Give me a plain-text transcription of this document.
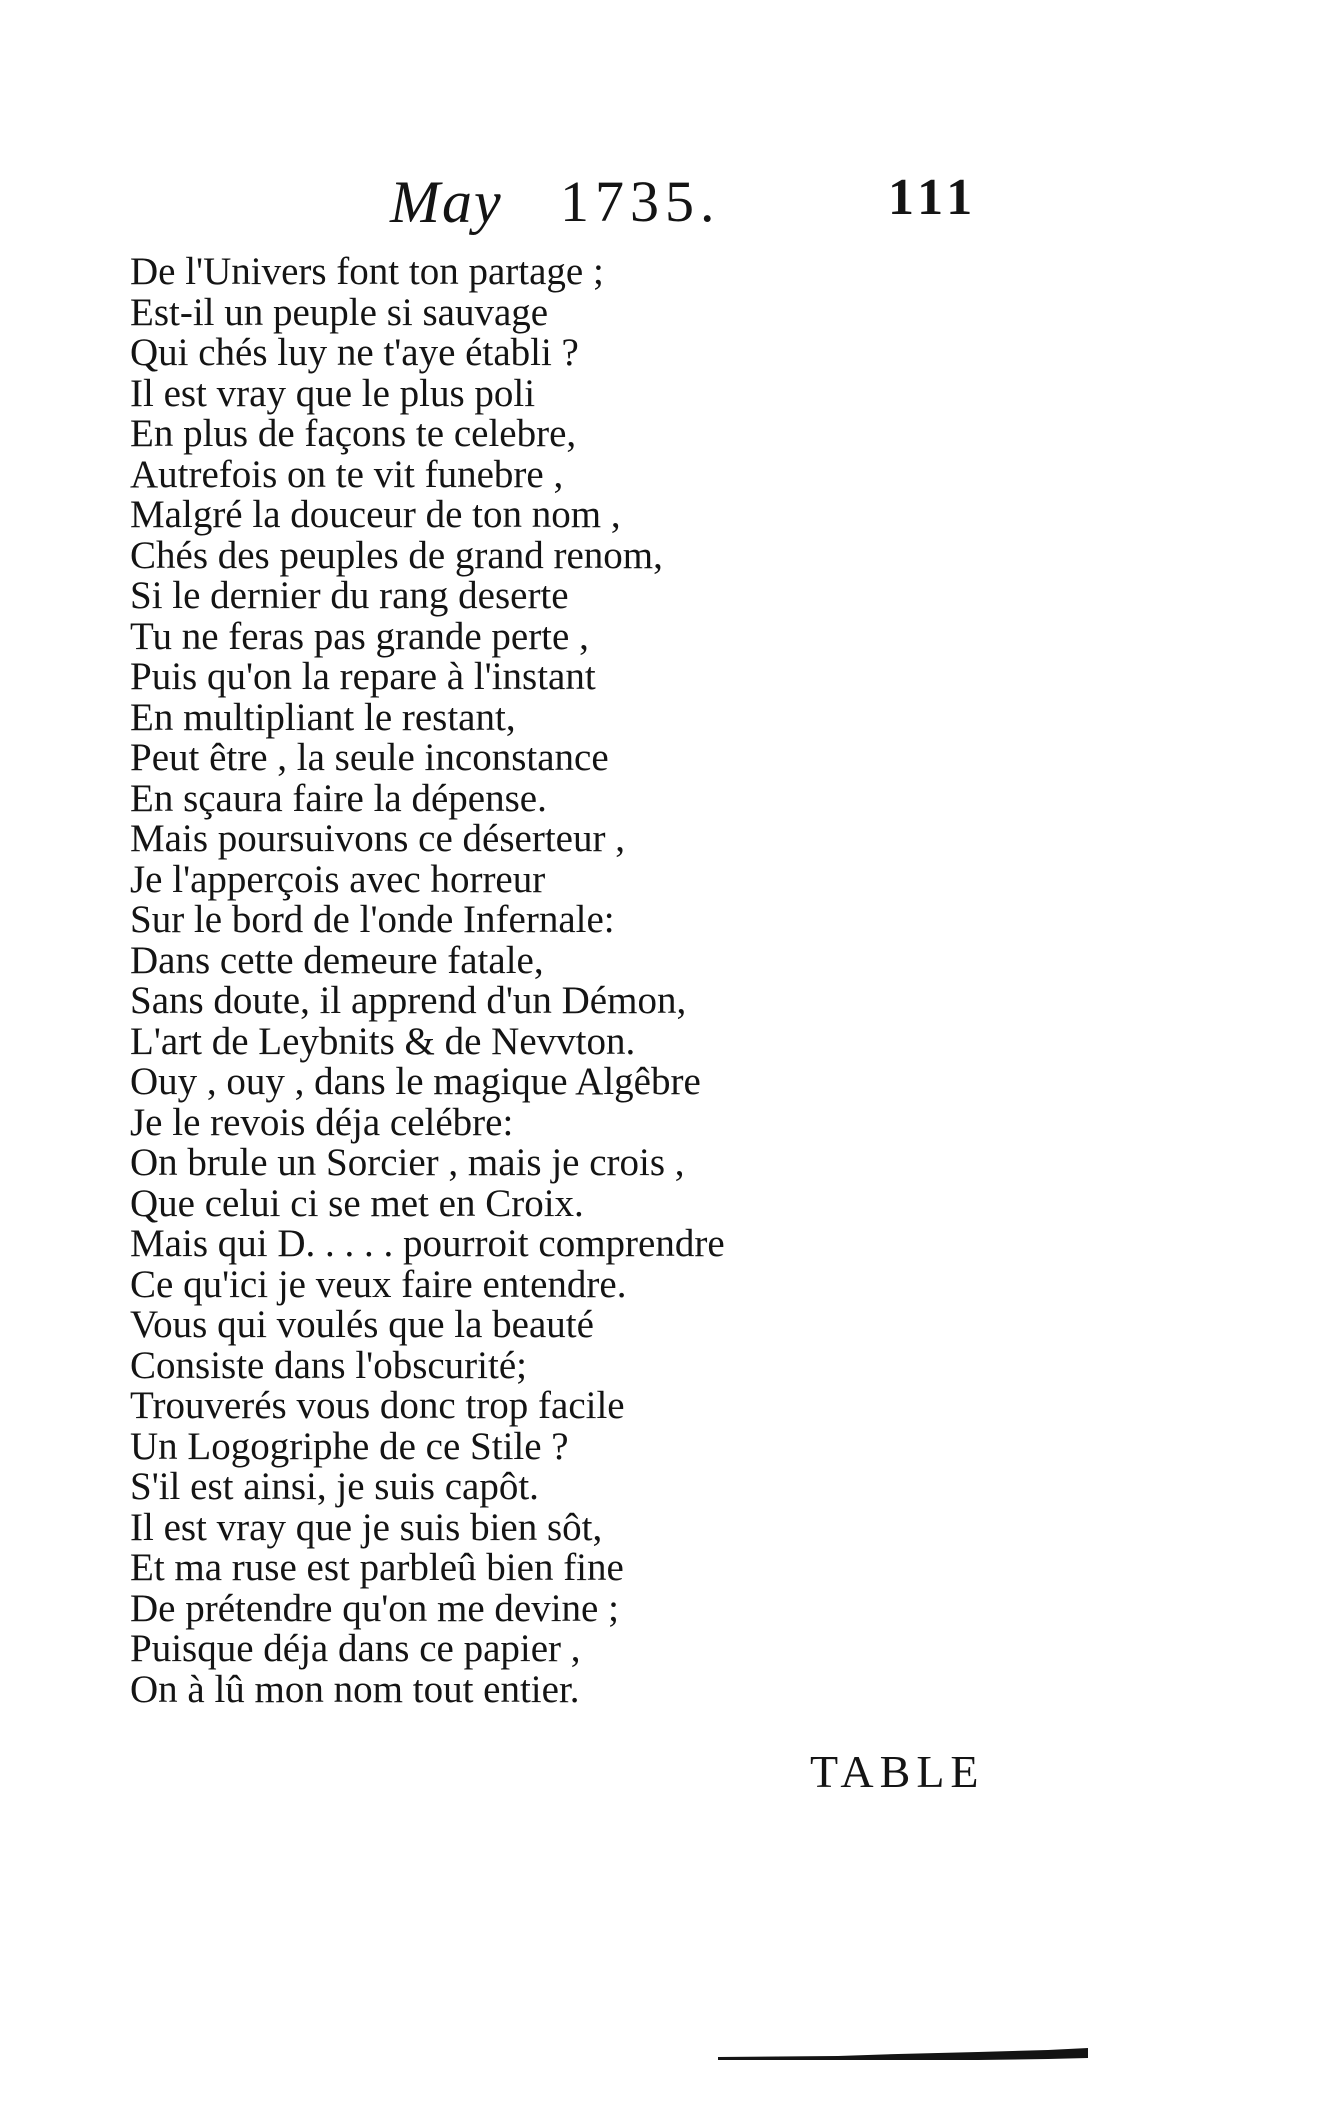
May 1735.	111
De l'Univers font ton partage ;
Est-il un peuple si sauvage
Qui chés luy ne t'aye établi ?
Il est vray que le plus poli
En plus de façons te celebre,
Autrefois on te vit funebre ,
Malgré la douceur de ton nom ,
Chés des peuples de grand renom,
Si le dernier du rang deserte
Tu ne feras pas grande perte ,
Puis qu'on la repare à l'instant
En multipliant le restant,
Peut être , la seule inconstance
En sçaura faire la dépense.
Mais poursuivons ce déserteur ,
Je l'apperçois avec horreur
Sur le bord de l'onde Infernale:
Dans cette demeure fatale,
Sans doute, il apprend d'un Démon,
L'art de Leybnits & de Nevvton.
Ouy , ouy , dans le magique Algêbre
Je le revois déja celébre:
On brule un Sorcier , mais je crois ,
Que celui ci se met en Croix.
Mais qui D. . . . . pourroit comprendre
Ce qu'ici je veux faire entendre.
Vous qui voulés que la beauté
Consiste dans l'obscurité;
Trouverés vous donc trop facile
Un Logogriphe de ce Stile ?
S'il est ainsi, je suis capôt.
Il est vray que je suis bien sôt,
Et ma ruse est parbleû bien fine
De prétendre qu'on me devine ;
Puisque déja dans ce papier ,
On à lû mon nom tout entier.
TABLE
